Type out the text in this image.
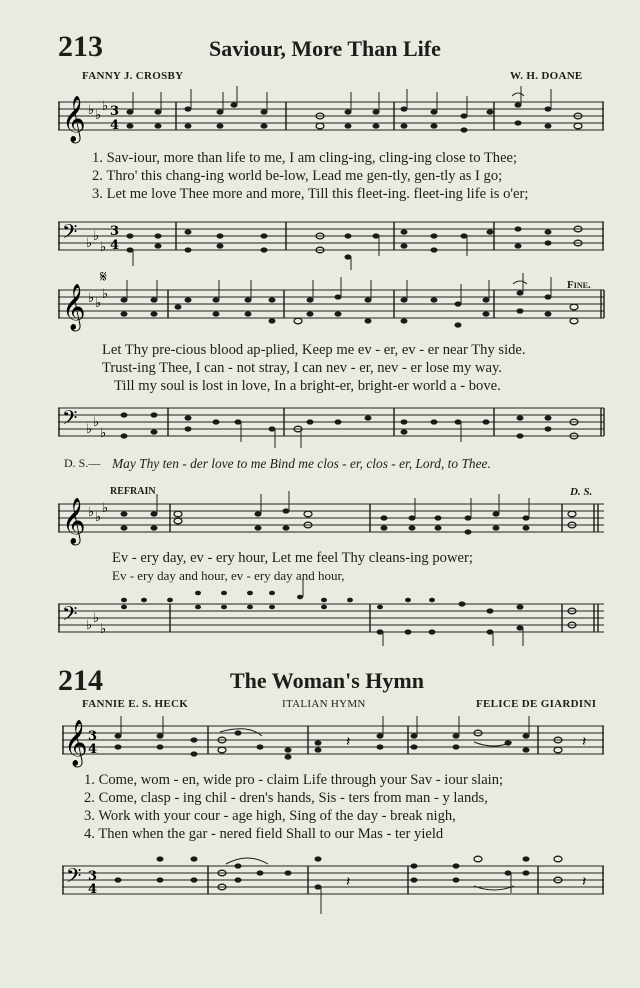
213	Saviour, More Than Life
FANNY J. CROSBY	W. H. DOANE
𝄞 ♭ ♭
♭ 3
4
1. Sav-iour, more than life to me, I am cling-ing, cling-ing close to Thee;
2. Thro' this chang-ing world be-low, Lead me gen-tly, gen-tly as I go;
3. Let me love Thee more and more, Till this fleet-ing. fleet-ing life is o'er;
𝄢 ♭ ♭
♭
3
4
𝄞 ♭ ♭
♭
𝄋	Fine.
Let Thy pre-cious blood ap-plied, Keep me ev - er, ev - er near Thy side.
Trust-ing Thee, I can - not stray, I can nev - er, nev - er lose my way.
Till my soul is lost in love, In a bright-er, bright-er world a - bove.
𝄢 ♭ ♭
♭
D. S.— May Thy ten - der love to me Bind me clos - er, clos - er, Lord, to Thee.
REFRAIN	D. S.
𝄞 ♭ ♭
♭
Ev - ery day, ev - ery hour, Let me feel Thy cleans-ing power;
Ev - ery day and hour, ev - ery day and hour,
𝄢 ♭ ♭
♭
214	The Woman's Hymn
FANNIE E. S. HECK	ITALIAN HYMN	FELICE DE GIARDINI
𝄞 3
4	𝄽	𝄽
1. Come, wom - en, wide pro - claim Life through your Sav - iour slain;
2. Come, clasp - ing chil - dren's hands, Sis - ters from man - y lands,
3. Work with your cour - age high, Sing of the day - break nigh,
4. Then when the gar - nered field Shall to our Mas - ter yield
𝄢 3
4	𝄽	𝄽
